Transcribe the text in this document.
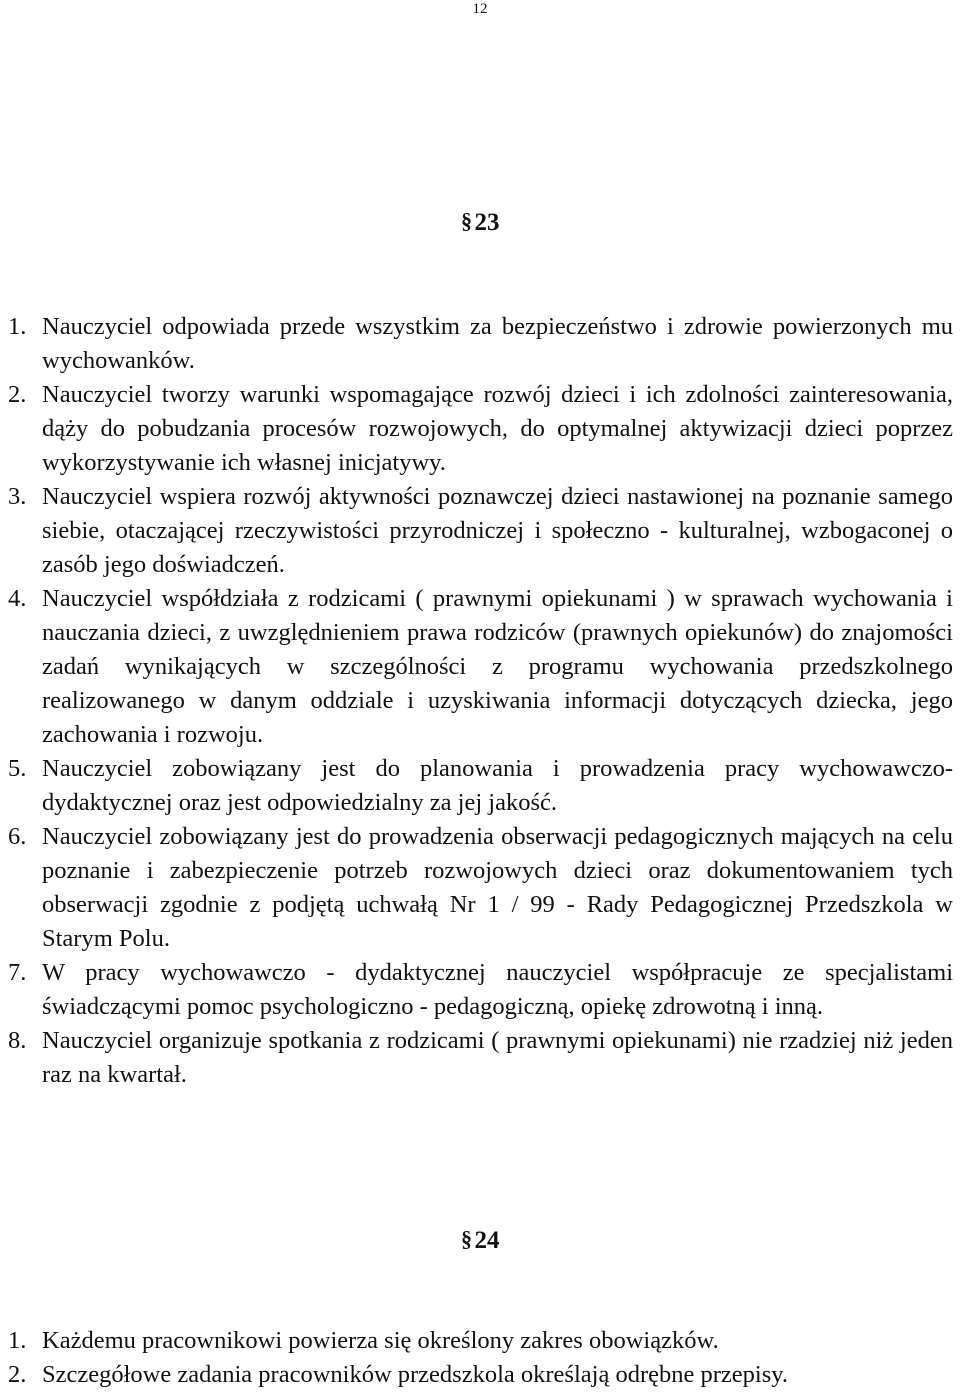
12
§ 23
1. Nauczyciel odpowiada przede wszystkim za bezpieczeństwo i zdrowie powierzonych mu wychowanków.
2. Nauczyciel tworzy warunki wspomagające rozwój dzieci i ich zdolności zainteresowania, dąży do pobudzania procesów rozwojowych, do optymalnej aktywizacji dzieci poprzez wykorzystywanie ich własnej inicjatywy.
3. Nauczyciel wspiera rozwój aktywności poznawczej dzieci nastawionej na poznanie samego siebie, otaczającej rzeczywistości przyrodniczej i społeczno - kulturalnej, wzbogaconej o zasób jego doświadczeń.
4. Nauczyciel współdziała z rodzicami ( prawnymi opiekunami ) w sprawach wychowania i nauczania dzieci, z uwzględnieniem prawa rodziców (prawnych opiekunów) do znajomości zadań wynikających w szczególności z programu wychowania przedszkolnego realizowanego w danym oddziale i uzyskiwania informacji dotyczących dziecka, jego zachowania i rozwoju.
5. Nauczyciel zobowiązany jest do planowania i prowadzenia pracy wychowawczo- dydaktycznej oraz jest odpowiedzialny za jej jakość.
6. Nauczyciel zobowiązany jest do prowadzenia obserwacji pedagogicznych mających na celu poznanie i zabezpieczenie potrzeb rozwojowych dzieci oraz dokumentowaniem tych obserwacji zgodnie z podjętą uchwałą Nr 1 / 99 - Rady Pedagogicznej Przedszkola w Starym Polu.
7. W pracy wychowawczo - dydaktycznej nauczyciel współpracuje ze specjalistami świadczącymi pomoc psychologiczno - pedagogiczną, opiekę zdrowotną i inną.
8. Nauczyciel organizuje spotkania z rodzicami ( prawnymi opiekunami) nie rzadziej niż jeden raz na kwartał.
§ 24
1. Każdemu pracownikowi powierza się określony zakres obowiązków.
2. Szczegółowe zadania pracowników przedszkola określają odrębne przepisy.
